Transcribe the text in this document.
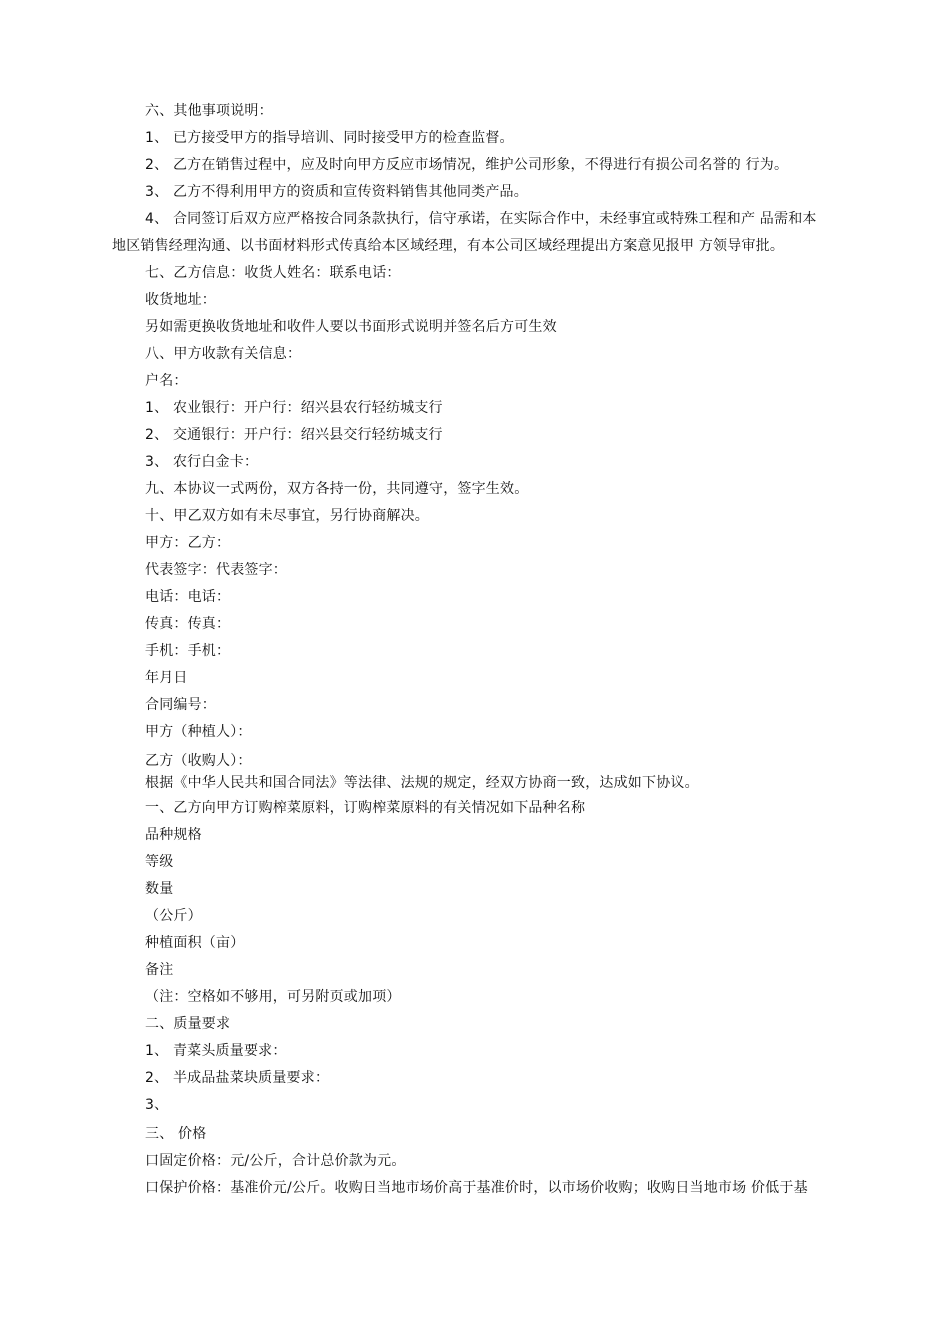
六、其他事项说明：
1、 已方接受甲方的指导培训、同时接受甲方的检查监督。
2、 乙方在销售过程中，应及时向甲方反应市场情况，维护公司形象，不得进行有损公司名誉的 行为。
3、 乙方不得利用甲方的资质和宣传资料销售其他同类产品。
4、 合同签订后双方应严格按合同条款执行，信守承诺，在实际合作中，未经事宜或特殊工程和产 品需和本
地区销售经理沟通、以书面材料形式传真给本区域经理，有本公司区域经理提出方案意见报甲 方领导审批。
七、乙方信息：收货人姓名：联系电话：
收货地址：
另如需更换收货地址和收件人要以书面形式说明并签名后方可生效
八、甲方收款有关信息：
户名：
1、 农业银行：开户行：绍兴县农行轻纺城支行
2、 交通银行：开户行：绍兴县交行轻纺城支行
3、 农行白金卡：
九、本协议一式两份，双方各持一份，共同遵守，签字生效。
十、甲乙双方如有未尽事宜，另行协商解决。
甲方：乙方：
代表签字：代表签字：
电话：电话：
传真：传真：
手机：手机：
年月日
合同编号：
甲方（种植人）：
乙方（收购人）：
根据《中华人民共和国合同法》等法律、法规的规定，经双方协商一致，达成如下协议。
一、乙方向甲方订购榨菜原料，订购榨菜原料的有关情况如下品种名称
品种规格
等级
数量
（公斤）
种植面积（亩）
备注
（注：空格如不够用，可另附页或加项）
二、质量要求
1、 青菜头质量要求：
2、 半成品盐菜块质量要求：
3、
三、 价格
口固定价格：元/公斤，合计总价款为元。
口保护价格：基准价元/公斤。收购日当地市场价高于基准价时，以市场价收购；收购日当地市场 价低于基
